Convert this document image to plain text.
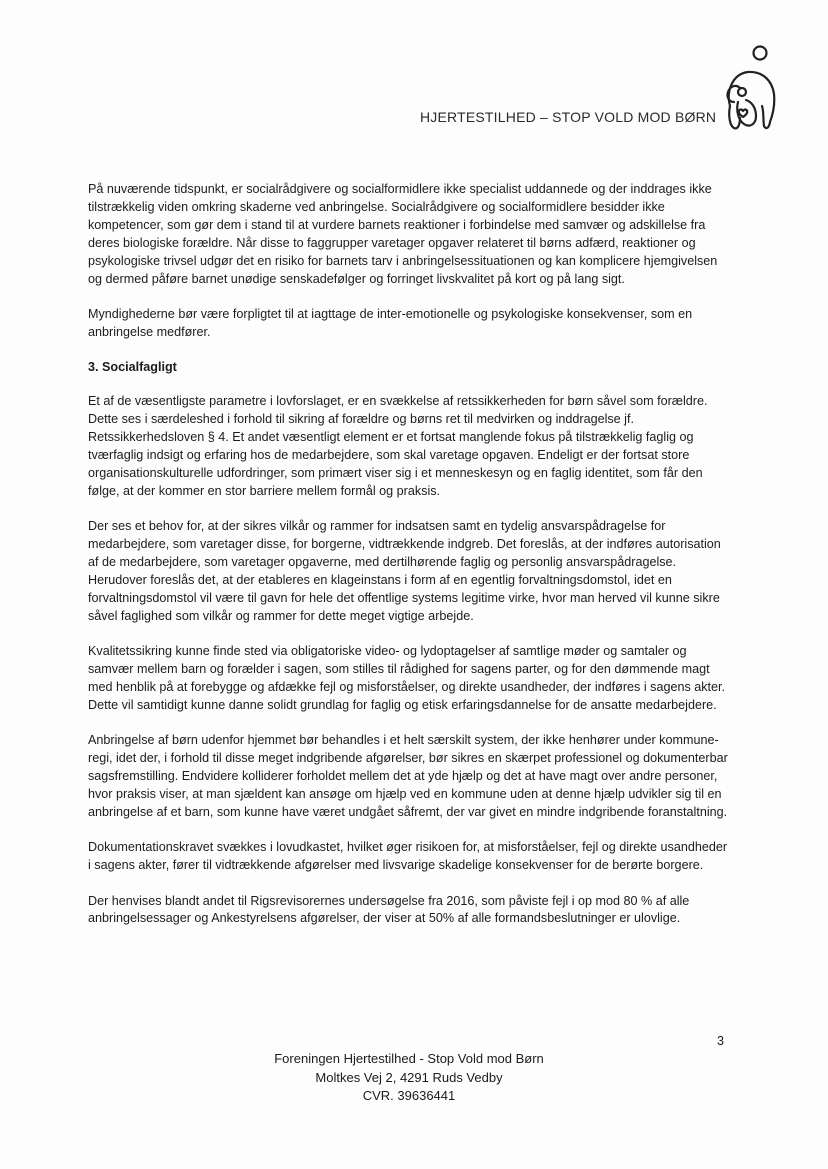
HJERTESTILHED – STOP VOLD MOD BØRN

På nuværende tidspunkt, er socialrådgivere og socialformidlere ikke specialist uddannede og der inddrages ikke tilstrækkelig viden omkring skaderne ved anbringelse. Socialrådgivere og socialformidlere besidder ikke kompetencer, som gør dem i stand til at vurdere barnets reaktioner i forbindelse med samvær og adskillelse fra deres biologiske forældre. Når disse to faggrupper varetager opgaver relateret til børns adfærd, reaktioner og psykologiske trivsel udgør det en risiko for barnets tarv i anbringelsessituationen og kan komplicere hjemgivelsen og dermed påføre barnet unødige senskadefølger og forringet livskvalitet på kort og på lang sigt.

Myndighederne bør være forpligtet til at iagttage de inter-emotionelle og psykologiske konsekvenser, som en anbringelse medfører.

3. Socialfagligt

Et af de væsentligste parametre i lovforslaget, er en svækkelse af retssikkerheden for børn såvel som forældre. Dette ses i særdeleshed i forhold til sikring af forældre og børns ret til medvirken og inddragelse jf. Retssikkerhedsloven § 4. Et andet væsentligt element er et fortsat manglende fokus på tilstrækkelig faglig og tværfaglig indsigt og erfaring hos de medarbejdere, som skal varetage opgaven. Endeligt er der fortsat store organisationskulturelle udfordringer, som primært viser sig i et menneskesyn og en faglig identitet, som får den følge, at der kommer en stor barriere mellem formål og praksis.

Der ses et behov for, at der sikres vilkår og rammer for indsatsen samt en tydelig ansvarspådragelse for medarbejdere, som varetager disse, for borgerne, vidtrækkende indgreb. Det foreslås, at der indføres autorisation af de medarbejdere, som varetager opgaverne, med dertilhørende faglig og personlig ansvarspådragelse. Herudover foreslås det, at der etableres en klageinstans i form af en egentlig forvaltningsdomstol, idet en forvaltningsdomstol vil være til gavn for hele det offentlige systems legitime virke, hvor man herved vil kunne sikre såvel faglighed som vilkår og rammer for dette meget vigtige arbejde.

Kvalitetssikring kunne finde sted via obligatoriske video- og lydoptagelser af samtlige møder og samtaler og samvær mellem barn og forælder i sagen, som stilles til rådighed for sagens parter, og for den dømmende magt med henblik på at forebygge og afdække fejl og misforståelser, og direkte usandheder, der indføres i sagens akter. Dette vil samtidigt kunne danne solidt grundlag for faglig og etisk erfaringsdannelse for de ansatte medarbejdere.

Anbringelse af børn udenfor hjemmet bør behandles i et helt særskilt system, der ikke henhører under kommune-regi, idet der, i forhold til disse meget indgribende afgørelser, bør sikres en skærpet professionel og dokumenterbar sagsfremstilling. Endvidere kolliderer forholdet mellem det at yde hjælp og det at have magt over andre personer, hvor praksis viser, at man sjældent kan ansøge om hjælp ved en kommune uden at denne hjælp udvikler sig til en anbringelse af et barn, som kunne have været undgået såfremt, der var givet en mindre indgribende foranstaltning.

Dokumentationskravet svækkes i lovudkastet, hvilket øger risikoen for, at misforståelser, fejl og direkte usandheder i sagens akter, fører til vidtrækkende afgørelser med livsvarige skadelige konsekvenser for de berørte borgere.

Der henvises blandt andet til Rigsrevisorernes undersøgelse fra 2016, som påviste fejl i op mod 80 % af alle anbringelsessager og Ankestyrelsens afgørelser, der viser at 50% af alle formandsbeslutninger er ulovlige.

3
Foreningen Hjertestilhed - Stop Vold mod Børn
Moltkes Vej 2, 4291 Ruds Vedby
CVR. 39636441
